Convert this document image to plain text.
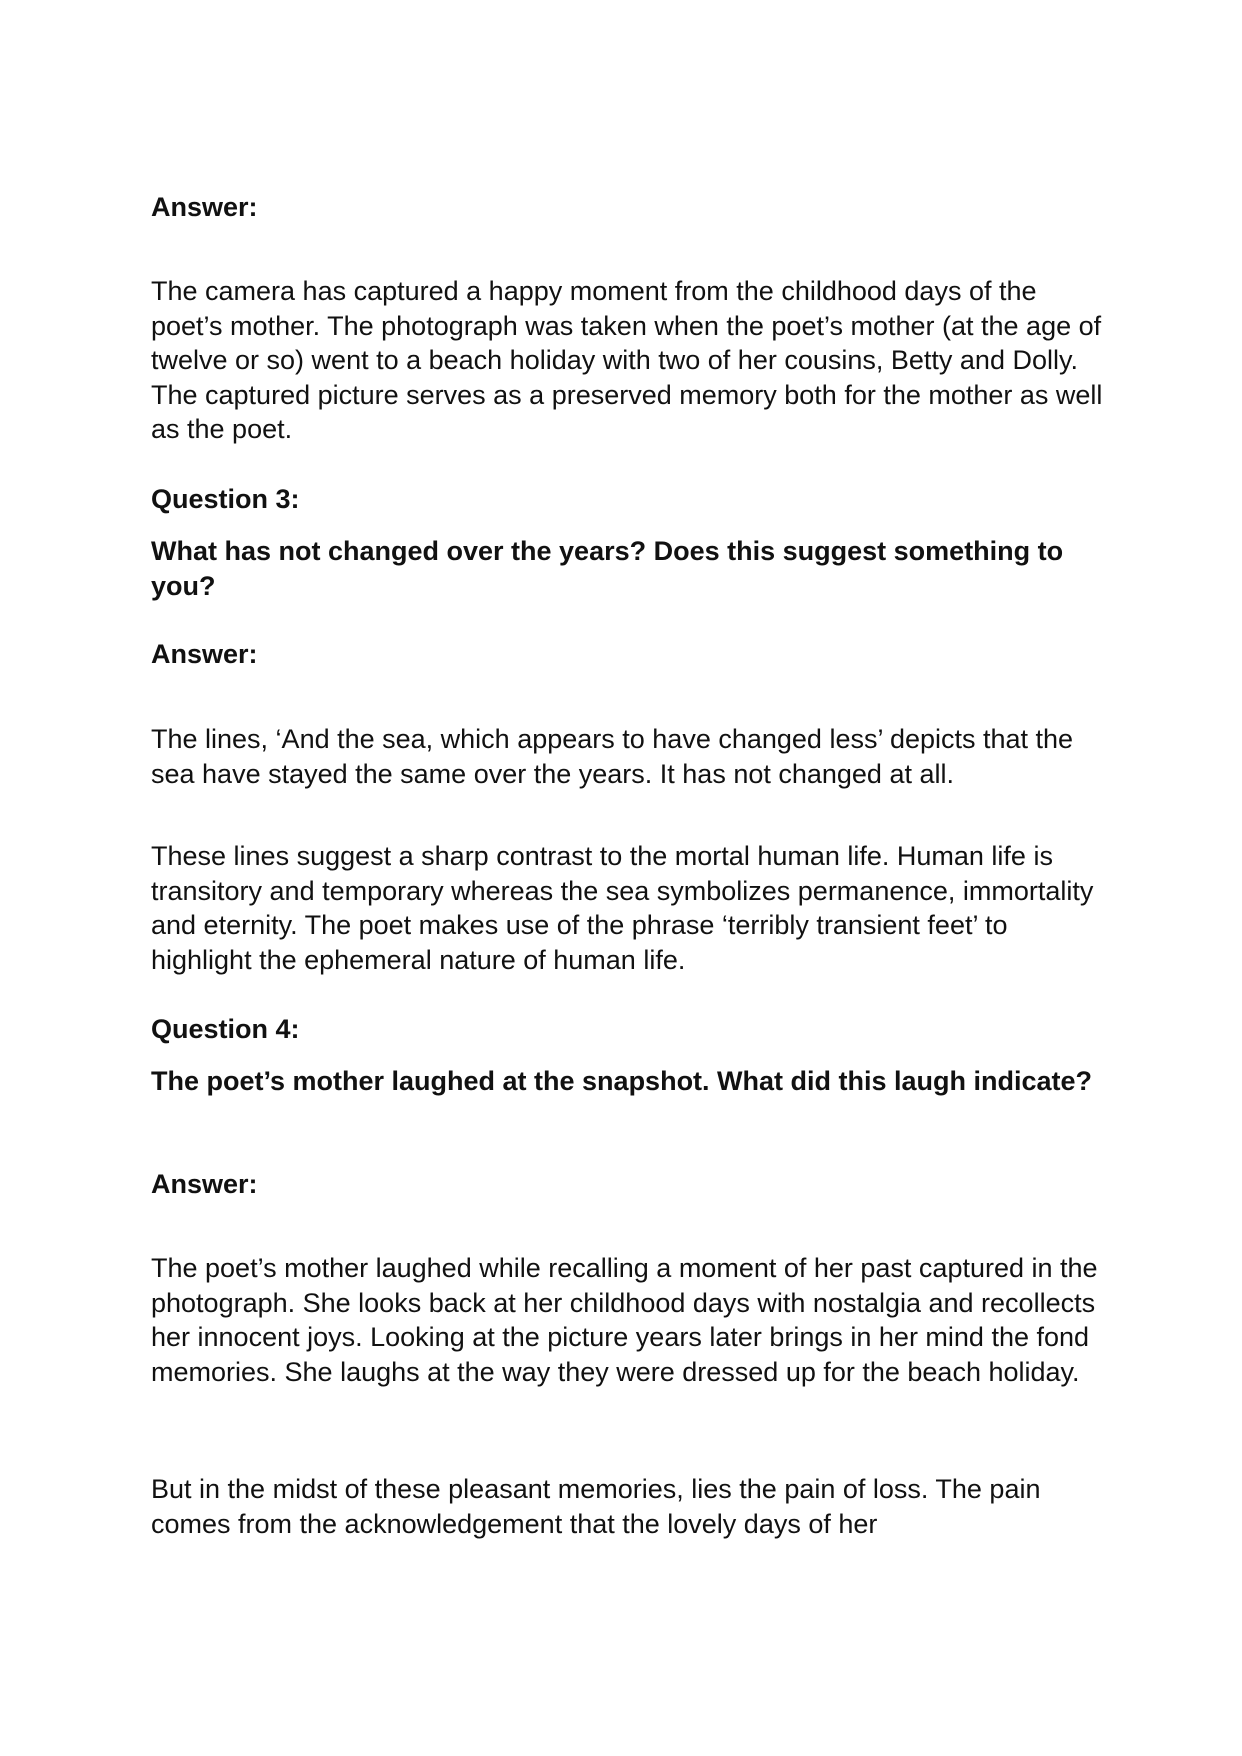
Answer:

The camera has captured a happy moment from the childhood days of the poet’s mother. The photograph was taken when the poet’s mother (at the age of twelve or so) went to a beach holiday with two of her cousins, Betty and Dolly. The captured picture serves as a preserved memory both for the mother as well as the poet.

Question 3:

What has not changed over the years? Does this suggest something to you?

Answer:

The lines, ‘And the sea, which appears to have changed less’ depicts that the sea have stayed the same over the years. It has not changed at all.

These lines suggest a sharp contrast to the mortal human life. Human life is transitory and temporary whereas the sea symbolizes permanence, immortality and eternity. The poet makes use of the phrase ‘terribly transient feet’ to highlight the ephemeral nature of human life.

Question 4:

The poet’s mother laughed at the snapshot. What did this laugh indicate?

Answer:

The poet’s mother laughed while recalling a moment of her past captured in the photograph. She looks back at her childhood days with nostalgia and recollects her innocent joys. Looking at the picture years later brings in her mind the fond memories. She laughs at the way they were dressed up for the beach holiday.

But in the midst of these pleasant memories, lies the pain of loss. The pain comes from the acknowledgement that the lovely days of her
